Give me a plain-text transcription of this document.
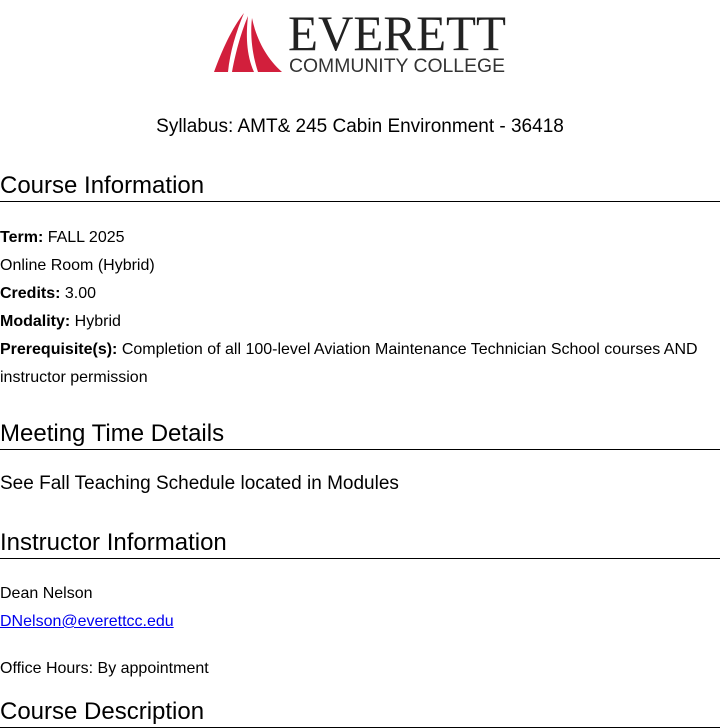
EVERETT
COMMUNITY COLLEGE
Syllabus: AMT& 245 Cabin Environment - 36418
Course Information
Term: FALL 2025
Online Room (Hybrid)
Credits: 3.00
Modality: Hybrid
Prerequisite(s): Completion of all 100-level Aviation Maintenance Technician School courses AND instructor permission
Meeting Time Details
See Fall Teaching Schedule located in Modules
Instructor Information
Dean Nelson
DNelson@everettcc.edu
Office Hours: By appointment
Course Description
